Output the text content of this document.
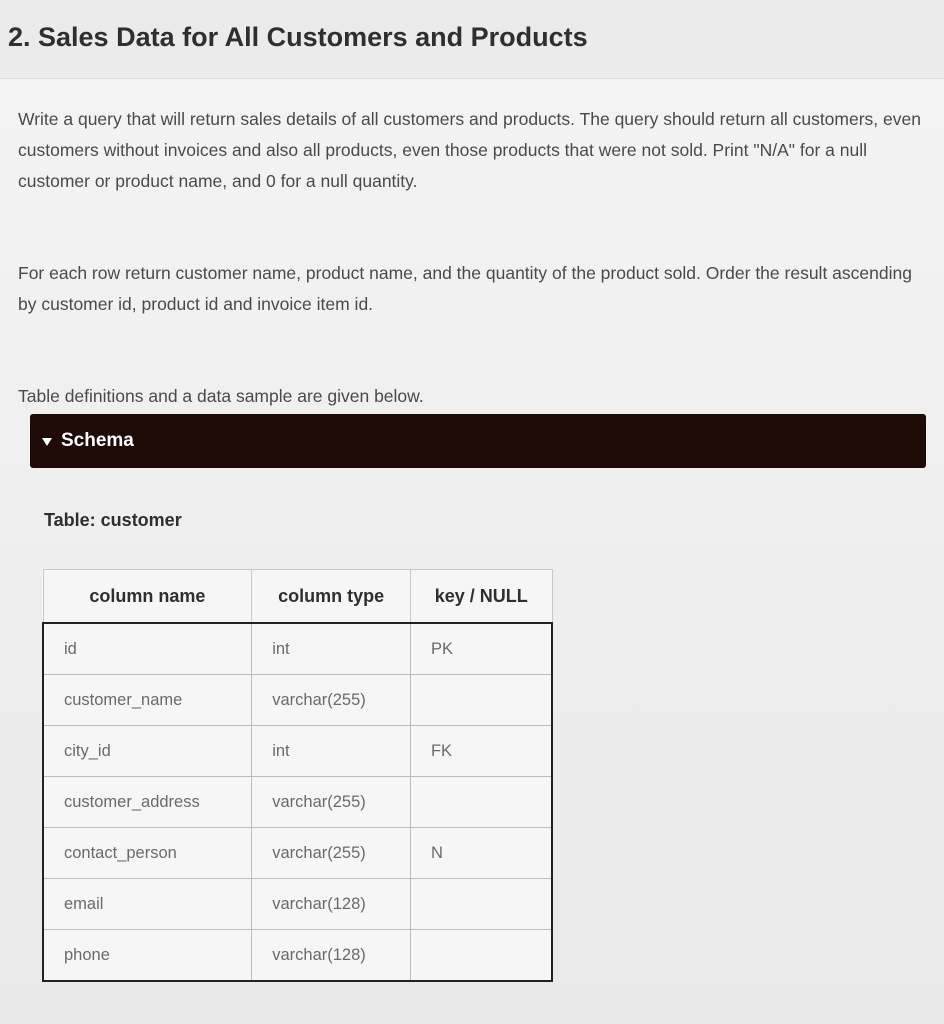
2. Sales Data for All Customers and Products

Write a query that will return sales details of all customers and products. The query should return all customers, even customers without invoices and also all products, even those products that were not sold. Print "N/A" for a null customer or product name, and 0 for a null quantity.

For each row return customer name, product name, and the quantity of the product sold. Order the result ascending by customer id, product id and invoice item id.

Table definitions and a data sample are given below.

Schema
Table: customer
column name	column type	key / NULL
id	int	PK
customer_name	varchar(255)	
city_id	int	FK
customer_address	varchar(255)	
contact_person	varchar(255)	N
email	varchar(128)	
phone	varchar(128)	
